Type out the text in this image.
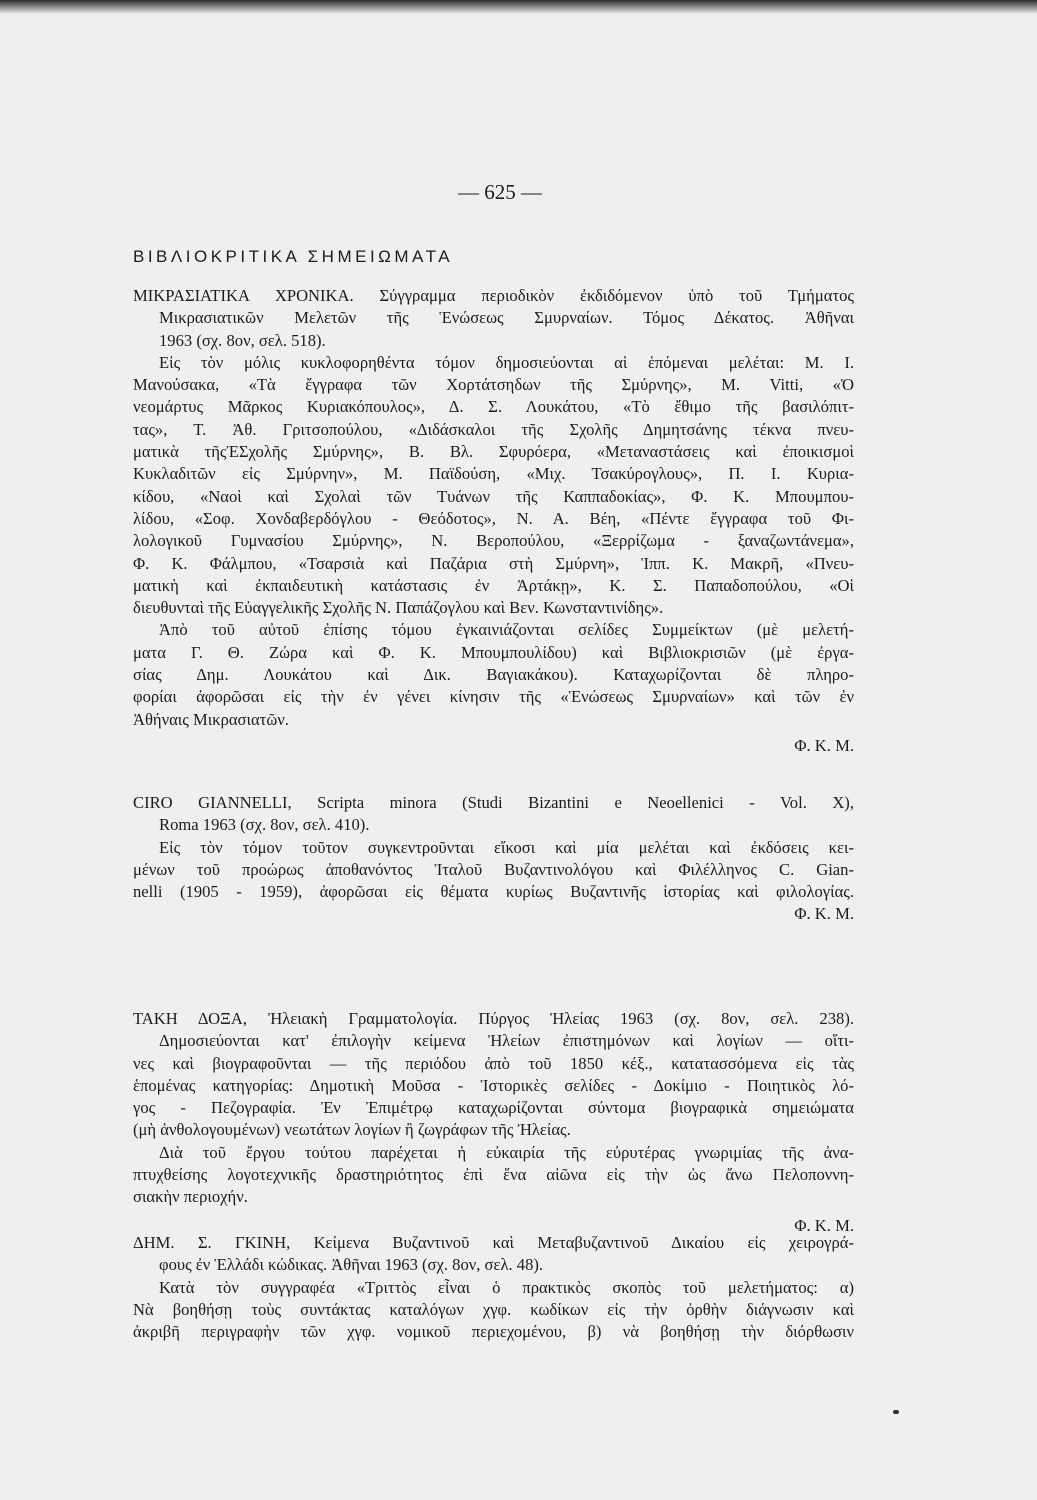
— 625 —
ΒΙΒΛΙΟΚΡΙΤΙΚΑ ΣΗΜΕΙΩΜΑΤΑ
ΜΙΚΡΑΣΙΑΤΙΚΑ ΧΡΟΝΙΚΑ. Σύγγραμμα περιοδικὸν ἐκδιδόμενον ὑπὸ τοῦ Τμήματος
Μικρασιατικῶν Μελετῶν τῆς Ἑνώσεως Σμυρναίων. Τόμος Δέκατος. Ἀθῆναι
1963 (σχ. 8ον, σελ. 518).
Εἰς τὸν μόλις κυκλοφορηθέντα τόμον δημοσιεύονται αἱ ἑπόμεναι μελέται: Μ. Ι.
Μανούσακα, «Τὰ ἔγγραφα τῶν Χορτάτσηδων τῆς Σμύρνης», Μ. Vitti, «Ὁ
νεομάρτυς Μᾶρκος Κυριακόπουλος», Δ. Σ. Λουκάτου, «Τὸ ἔθιμο τῆς βασιλόπιτ-
τας», Τ. Ἀθ. Γριτσοπούλου, «Διδάσκαλοι τῆς Σχολῆς Δημητσάνης τέκνα πνευ-
ματικὰ τῆςἘΣχολῆς Σμύρνης», Β. Βλ. Σφυρόερα, «Μεταναστάσεις καὶ ἐποικισμοὶ
Κυκλαδιτῶν εἰς Σμύρνην», Μ. Παϊδούση, «Μιχ. Τσακύρογλους», Π. Ι. Κυρια-
κίδου, «Ναοὶ καὶ Σχολαὶ τῶν Τυάνων τῆς Καππαδοκίας», Φ. Κ. Μπουμπου-
λίδου, «Σοφ. Χονδαβερδόγλου - Θεόδοτος», Ν. Α. Βέη, «Πέντε ἔγγραφα τοῦ Φι-
λολογικοῦ Γυμνασίου Σμύρνης», Ν. Βεροπούλου, «Ξερρίζωμα - ξαναζωντάνεμα»,
Φ. Κ. Φάλμπου, «Τσαρσιὰ καὶ Παζάρια στὴ Σμύρνη», Ἱππ. Κ. Μακρῆ, «Πνευ-
ματικὴ καὶ ἐκπαιδευτικὴ κατάστασις ἐν Ἀρτάκῃ», Κ. Σ. Παπαδοπούλου, «Οἱ
διευθυνταὶ τῆς Εὐαγγελικῆς Σχολῆς Ν. Παπάζογλου καὶ Βεν. Κωνσταντινίδης».
Ἀπὸ τοῦ αὐτοῦ ἐπίσης τόμου ἐγκαινιάζονται σελίδες Συμμείκτων (μὲ μελετή-
ματα Γ. Θ. Ζώρα καὶ Φ. Κ. Μπουμπουλίδου) καὶ Βιβλιοκρισιῶν (μὲ ἐργα-
σίας Δημ. Λουκάτου καὶ Δικ. Βαγιακάκου). Καταχωρίζονται δὲ πληρο-
φορίαι ἀφορῶσαι εἰς τὴν ἐν γένει κίνησιν τῆς «Ἑνώσεως Σμυρναίων» καὶ τῶν ἐν
Ἀθήναις Μικρασιατῶν.
Φ. Κ. Μ.
CIRO GIANNELLI, Scripta minora (Studi Bizantini e Neoellenici - Vol. X),
Roma 1963 (σχ. 8ον, σελ. 410).
Εἰς τὸν τόμον τοῦτον συγκεντροῦνται εἴκοσι καὶ μία μελέται καὶ ἐκδόσεις κει-
μένων τοῦ προώρως ἀποθανόντος Ἰταλοῦ Βυζαντινολόγου καὶ Φιλέλληνος C. Gian-
nelli (1905 - 1959), ἀφορῶσαι εἰς θέματα κυρίως Βυζαντινῆς ἱστορίας καὶ φιλολογίας.
Φ. Κ. Μ.
ΤΑΚΗ ΔΟΞΑ, Ἠλειακὴ Γραμματολογία. Πύργος Ἠλείας 1963 (σχ. 8ον, σελ. 238).
Δημοσιεύονται κατ' ἐπιλογὴν κείμενα Ἠλείων ἐπιστημόνων καὶ λογίων — οἵτι-
νες καὶ βιογραφοῦνται — τῆς περιόδου ἀπὸ τοῦ 1850 κέξ., κατατασσόμενα εἰς τὰς
ἑπομένας κατηγορίας: Δημοτικὴ Μοῦσα - Ἱστορικὲς σελίδες - Δοκίμιο - Ποιητικὸς λό-
γος - Πεζογραφία. Ἐν Ἐπιμέτρῳ καταχωρίζονται σύντομα βιογραφικὰ σημειώματα
(μὴ ἀνθολογουμένων) νεωτάτων λογίων ἢ ζωγράφων τῆς Ἠλείας.
Διὰ τοῦ ἔργου τούτου παρέχεται ἡ εὐκαιρία τῆς εὐρυτέρας γνωριμίας τῆς ἀνα-
πτυχθείσης λογοτεχνικῆς δραστηριότητος ἐπὶ ἕνα αἰῶνα εἰς τὴν ὡς ἄνω Πελοποννη-
σιακὴν περιοχήν.
Φ. Κ. Μ.
ΔΗΜ. Σ. ΓΚΙΝΗ, Κείμενα Βυζαντινοῦ καὶ Μεταβυζαντινοῦ Δικαίου εἰς χειρογρά-
φους ἐν Ἑλλάδι κώδικας. Ἀθῆναι 1963 (σχ. 8ον, σελ. 48).
Κατὰ τὸν συγγραφέα «Τριττὸς εἶναι ὁ πρακτικὸς σκοπὸς τοῦ μελετήματος: α)
Νὰ βοηθήσῃ τοὺς συντάκτας καταλόγων χγφ. κωδίκων εἰς τὴν ὀρθὴν διάγνωσιν καὶ
ἀκριβῆ περιγραφὴν τῶν χγφ. νομικοῦ περιεχομένου, β) νὰ βοηθήσῃ τὴν διόρθωσιν
